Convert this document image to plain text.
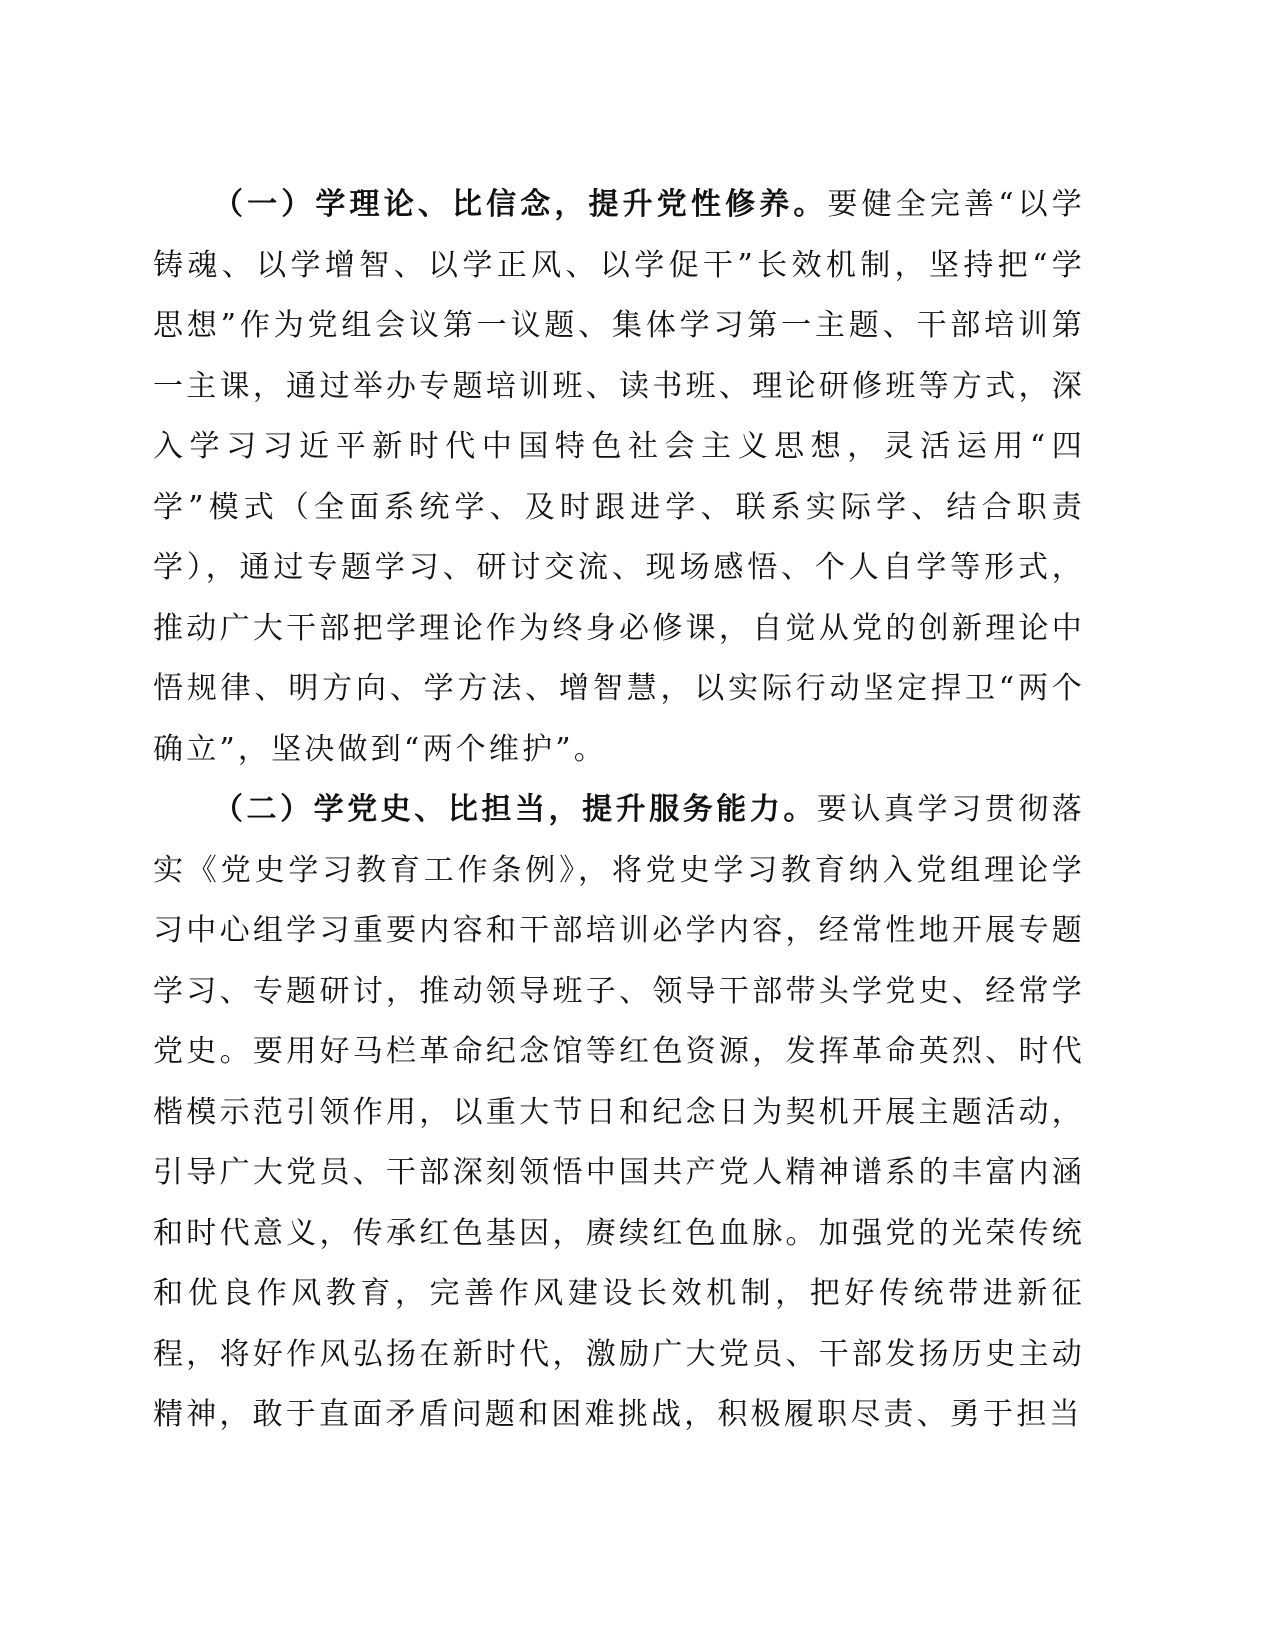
（一）学理论、比信念，提升党性修养。要健全完善“以学铸魂、以学增智、以学正风、以学促干”长效机制，坚持把“学思想”作为党组会议第一议题、集体学习第一主题、干部培训第一主课，通过举办专题培训班、读书班、理论研修班等方式，深入学习习近平新时代中国特色社会主义思想，灵活运用“四学”模式（全面系统学、及时跟进学、联系实际学、结合职责学），通过专题学习、研讨交流、现场感悟、个人自学等形式，推动广大干部把学理论作为终身必修课，自觉从党的创新理论中悟规律、明方向、学方法、增智慧，以实际行动坚定捍卫“两个确立”，坚决做到“两个维护”。

（二）学党史、比担当，提升服务能力。要认真学习贯彻落实《党史学习教育工作条例》，将党史学习教育纳入党组理论学习中心组学习重要内容和干部培训必学内容，经常性地开展专题学习、专题研讨，推动领导班子、领导干部带头学党史、经常学党史。要用好马栏革命纪念馆等红色资源，发挥革命英烈、时代楷模示范引领作用，以重大节日和纪念日为契机开展主题活动，引导广大党员、干部深刻领悟中国共产党人精神谱系的丰富内涵和时代意义，传承红色基因，赓续红色血脉。加强党的光荣传统和优良作风教育，完善作风建设长效机制，把好传统带进新征程，将好作风弘扬在新时代，激励广大党员、干部发扬历史主动精神，敢于直面矛盾问题和困难挑战，积极履职尽责、勇于担当
